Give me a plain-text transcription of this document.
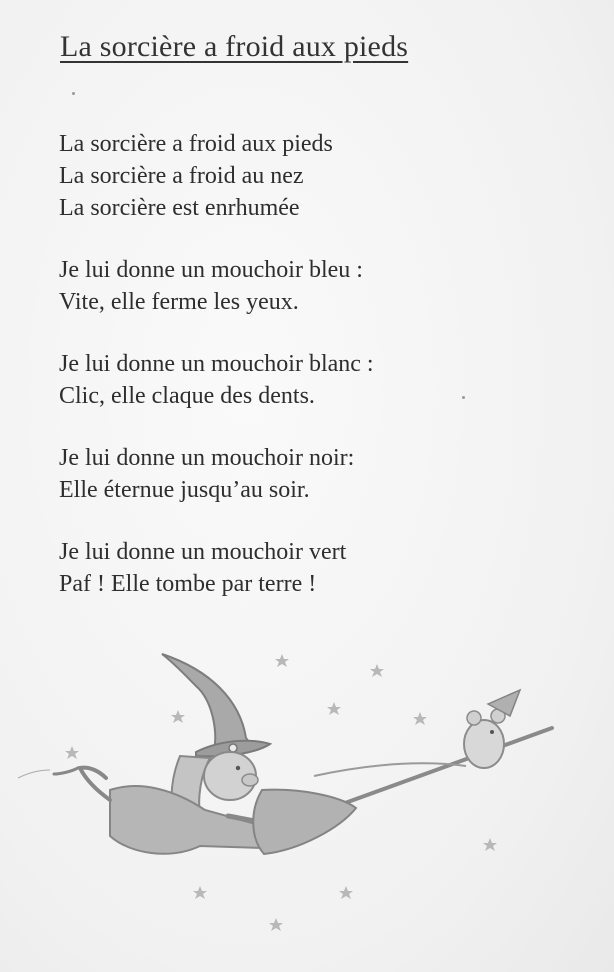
La sorcière a froid aux pieds
La sorcière a froid aux pieds
La sorcière a froid au nez
La sorcière est enrhumée
Je lui donne un mouchoir bleu :
Vite, elle ferme les yeux.
Je lui donne un mouchoir blanc :
Clic, elle claque des dents.
Je lui donne un mouchoir noir:
Elle éternue jusqu’au soir.
Je lui donne un mouchoir vert
Paf ! Elle tombe par terre !
